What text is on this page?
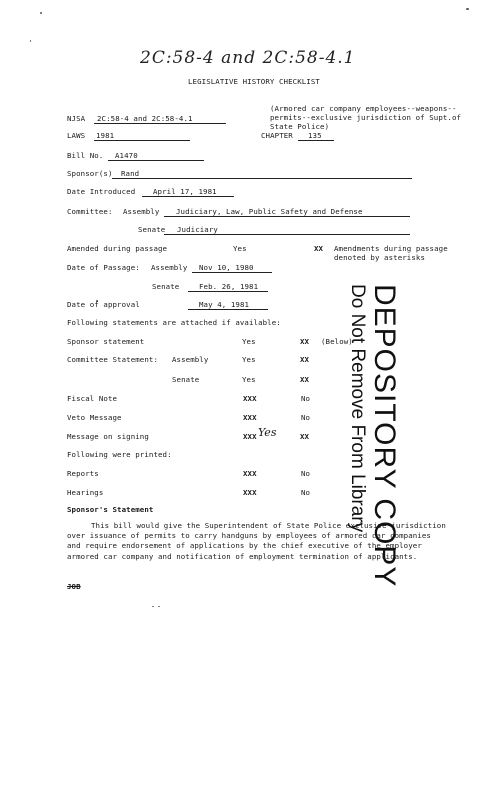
2C:58-4 and 2C:58-4.1
LEGISLATIVE HISTORY CHECKLIST
NJSA 2C:58-4 and 2C:58-4.1
(Armored car company employees--weapons--
permits--exclusive jurisdiction of Supt.of
State Police)
LAWS 1981	CHAPTER 135
Bill No. A1470
Sponsor(s) Rand
Date Introduced April 17, 1981
Committee: Assembly Judiciary, Law, Public Safety and Defense
Senate Judiciary
Amended during passage	Yes	XX Amendments during passage
denoted by asterisks
Date of Passage: Assembly Nov 10, 1980
Senate	Feb. 26, 1981
Date of approval	May 4, 1981
Following statements are attached if available:
Sponsor statement	Yes	XX (Below)
Committee Statement: Assembly	Yes	XX
Senate	Yes	XX
Fiscal Note	XXX	No
Veto Message	XXX	No
Message on signing	XXX Yes	XX
Following were printed:
Reports	XXX	No
Hearings	XXX	No
Sponsor's Statement
This bill would give the Superintendent of State Police exclusive jurisdiction over issuance of permits to carry handguns by employees of armored car companies and require endorsement of applications by the chief executive of the employer armored car company and notification of employment termination of applicants.
JOB	DEPOSITORY COPY
Do Not Remove From Library
